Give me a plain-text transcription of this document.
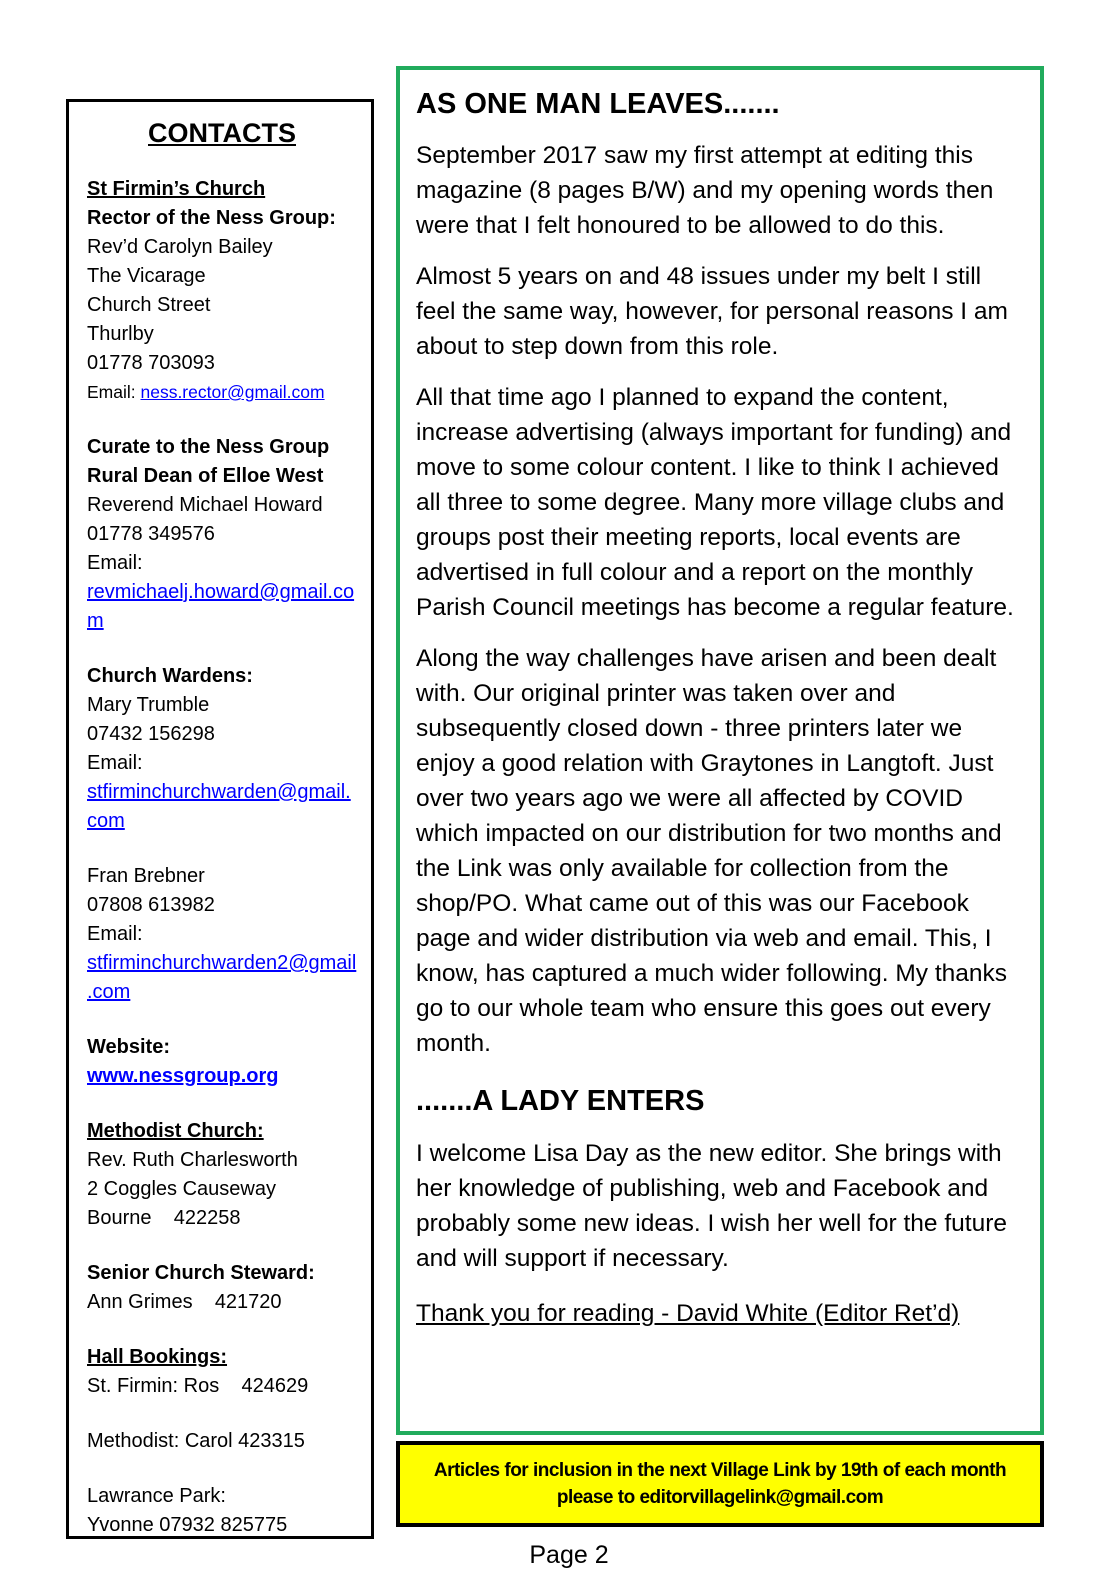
CONTACTS
St Firmin’s Church
Rector of the Ness Group:
Rev’d Carolyn Bailey
The Vicarage
Church Street
Thurlby
01778 703093
Email: ness.rector@gmail.com
Curate to the Ness Group
Rural Dean of Elloe West
Reverend Michael Howard
01778 349576
Email:
revmichaelj.howard@gmail.com
Church Wardens:
Mary Trumble
07432 156298
Email:
stfirminchurchwarden@gmail.com
Fran Brebner
07808 613982
Email:
stfirminchurchwarden2@gmail.com
Website: www.nessgroup.org
Methodist Church:
Rev. Ruth Charlesworth
2 Coggles Causeway
Bourne    422258
Senior Church Steward:
Ann Grimes    421720
Hall Bookings:
St. Firmin: Ros    424629
Methodist: Carol 423315
Lawrance Park:
Yvonne 07932 825775
AS ONE MAN LEAVES.......

September 2017 saw my first attempt at editing this magazine (8 pages B/W) and my opening words then were that I felt honoured to be allowed to do this.

Almost 5 years on and 48 issues under my belt I still feel the same way, however, for personal reasons I am about to step down from this role.

All that time ago I planned to expand the content, increase advertising (always important for funding) and move to some colour content. I like to think I achieved all three to some degree. Many more village clubs and groups post their meeting reports, local events are advertised in full colour and a report on the monthly Parish Council meetings has become a regular feature.

Along the way challenges have arisen and been dealt with. Our original printer was taken over and subsequently closed down - three printers later we enjoy a good relation with Graytones in Langtoft. Just over two years ago we were all affected by COVID which impacted on our distribution for two months and the Link was only available for collection from the shop/PO. What came out of this was our Facebook page and wider distribution via web and email. This, I know, has captured a much wider following. My thanks go to our whole team who ensure this goes out every month.

.......A LADY ENTERS

I welcome Lisa Day as the new editor. She brings with her knowledge of publishing, web and Facebook and probably some new ideas. I wish her well for the future and will support if necessary.

Thank you for reading - David White (Editor Ret’d)
Articles for inclusion in the next Village Link by 19th of each month please to editorvillagelink@gmail.com
Page 2
